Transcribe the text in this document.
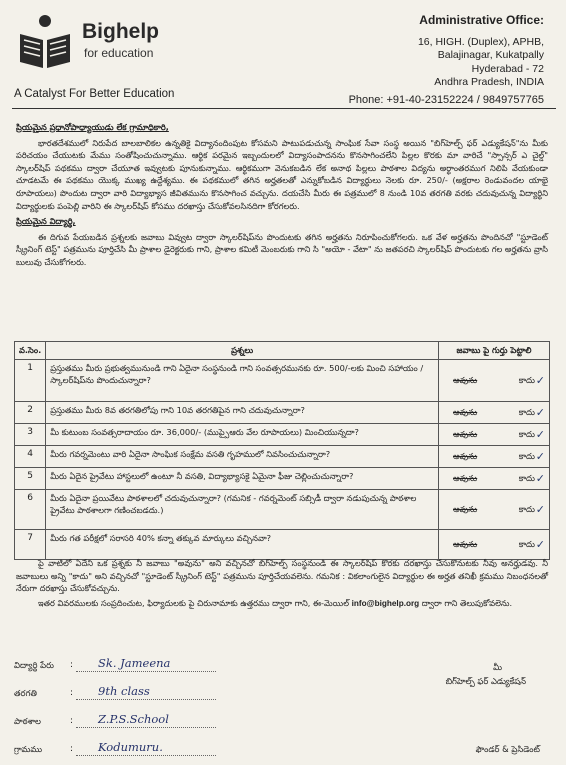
Bighelp
for education
A Catalyst For Better Education
Administrative Office:
16, HIGH. (Duplex), APHB,
Balajinagar, Kukatpally
Hyderabad - 72
Andhra Pradesh, INDIA
Phone: +91-40-23152224 / 9849757765

ప్రియమైన ప్రధానోపాధ్యాయుడు లేక గ్రామాధికారి,

భారతదేశములో నిరుపేద బాలబాలికల ఉన్నతికై విద్యానందింపుట కోసమని పాటుపడుచున్న సాంఘిక సేవా సంస్థ అయిన "బిగ్‌హెల్ప్ ఫర్ ఎడ్యుకేషన్"ను మీకు పరిచయం చేయుటకు మేము సంతోషించుచున్నాము. ఆర్థిక పరమైన ఇబ్బందులలో విద్యాసంపాదనను కొనసాగించలేని పిల్లల కొరకు మా వారిచే "స్పాన్సర్ ఎ చైల్డ్" స్కాలర్‌షిప్ పథకము ద్వారా చేయూత ఇవ్వుటకు పూనుకున్నాము. ఆర్థికముగా వెనుకబడిన లేక అనాథ పిల్లలు పాఠశాల విద్యను అర్థాంతరముగ నిలిపి వేయకుండా చూడటమే ఈ పథకము యొక్క ముఖ్య ఉద్దేశ్యము. ఈ పథకములో తగిన అర్హతలతో ఎన్నుకోబడిన విద్యార్థులు నెలకు రూ. 250/- (అక్షరాల రెండువందల యాభై రూపాయలు) పొందుట ద్వారా వారి విద్యాభ్యాస జీవితమును కొనసాగించ వచ్చును. దయచేసి మీరు ఈ పత్రములో 8 నుండి 10వ తరగతి వరకు చదువుచున్న విద్యార్థిని విద్యార్థులకు పంపెల్లి వారిని ఈ స్కాలర్‌షిప్ కోసము దరఖాస్తు చేసుకోవలసినదిగా కోరగలరు.

ప్రియమైన విద్యార్థి,

ఈ దిగువ పేయబడిన ప్రశ్నలకు జవాబు వివ్వుట ద్వారా స్కాలర్‌షిప్‌ను పొందుటకు తగిన అర్హతను నిరూపించుకోగలరు. ఒక వేళ అర్హతను పొందినచో "స్టూడెంట్ స్క్రీనింగ్ టెస్ట్" పత్రమును పూర్తిచేసి మీ ప్రాశాల డైరెక్టరుకు గాని, ప్రాశాల కమిటీ మెంబరుకు గాని సి "అయో - వేటా" ను జతపరచి స్కాలర్‌షిప్ పొందుటకు గల అర్హతను వ్రాసి బులువు చేసుకోగలరు.

వ.సెం.	ప్రశ్నలు	జవాబు పై గుర్తు పెట్టాలి
1	ప్రస్తుతము మీరు ప్రభుత్వమునుండి గాని ఏదైనా సంస్థనుండి గాని సంవత్సరమునకు రూ. 500/-లకు మించి సహాయం / స్కాలర్‌షిప్‌ను పొందుచున్నారా?	అవును కాదు ✓

2	ప్రస్తుతము మీరు 8వ తరగతిలోపు గాని 10వ తరగతిపైన గాని చదువుచున్నారా?	అవును కాదు ✓

3	మీ కుటుంబ సంవత్సరాదాయం రూ. 36,000/- (ముప్పైఆరు వేల రూపాయలు) మించియున్నదా?	అవును కాదు ✓

4	మీరు గవర్నమెంటు వారి ఏదైనా సాంఘిక సంక్షేమ వసతి గృహములో నివసించుచున్నారా?	అవును కాదు ✓

5	మీరు ఏదైన ప్రైవేటు హాస్టలులో ఉంటూ నీ వసతి, విద్యాభ్యాసకై ఏమైనా ఫీజు చెల్లించుచున్నారా?	అవును కాదు ✓

6	మీరు ఏదైనా ప్రయివేటు పాఠశాలలో చదువుచున్నారా? (గమనిక - గవర్నమెంట్ సబ్సిడీ ద్వారా నడుపుచున్న పాఠశాల ప్రైవేటు పాఠశాలగా గణించబడదు.)	అవును కాదు ✓

7	మీరు గత పరీక్షలో సరాసరి 40% కన్నా తక్కువ మార్కులు వచ్చినవా?	అవును కాదు ✓

పై వాటిలో ఏదేని ఒక ప్రశ్నకు నీ జవాబు "అవును" అని వచ్చినచో బిగ్‌హెల్ప్ సంస్థనుండి ఈ స్కాలర్‌షిప్ కొరకు దరఖాస్తు చేసుకొనుటకు నీవు అనర్హుడవు. నీ జవాబులు అన్ని "కాదు" అని వచ్చినచో "స్టూడెంట్ స్క్రీనింగ్ టెస్ట్" పత్రమును పూర్తిచేయవలెను. గమనిక : వికలాంగులైన విద్యార్థుల ఈ అర్హత తనిఖీ క్రమము నిబంధనలతో నేరుగా దరఖాస్తు చేసుకోవచ్చును.

ఇతర వివరములకు సంప్రదించుట, ఫిర్యాదులకు పై చిరునామాకు ఉత్తరము ద్వారా గాని, ఈ-మెయిల్ info@bighelp.org ద్వారా గాని తెలుపుకోవలెను.

విద్యార్థి పేరు : Sk. Jameena
తరగతి	: 9th class
పాఠశాల	: Z.P.S.School
గ్రామము	: Kodumuru.
మీ
బిగ్‌హెల్ప్ ఫర్ ఎడ్యుకేషన్
ఫౌండర్ & ప్రెసిడెంట్
